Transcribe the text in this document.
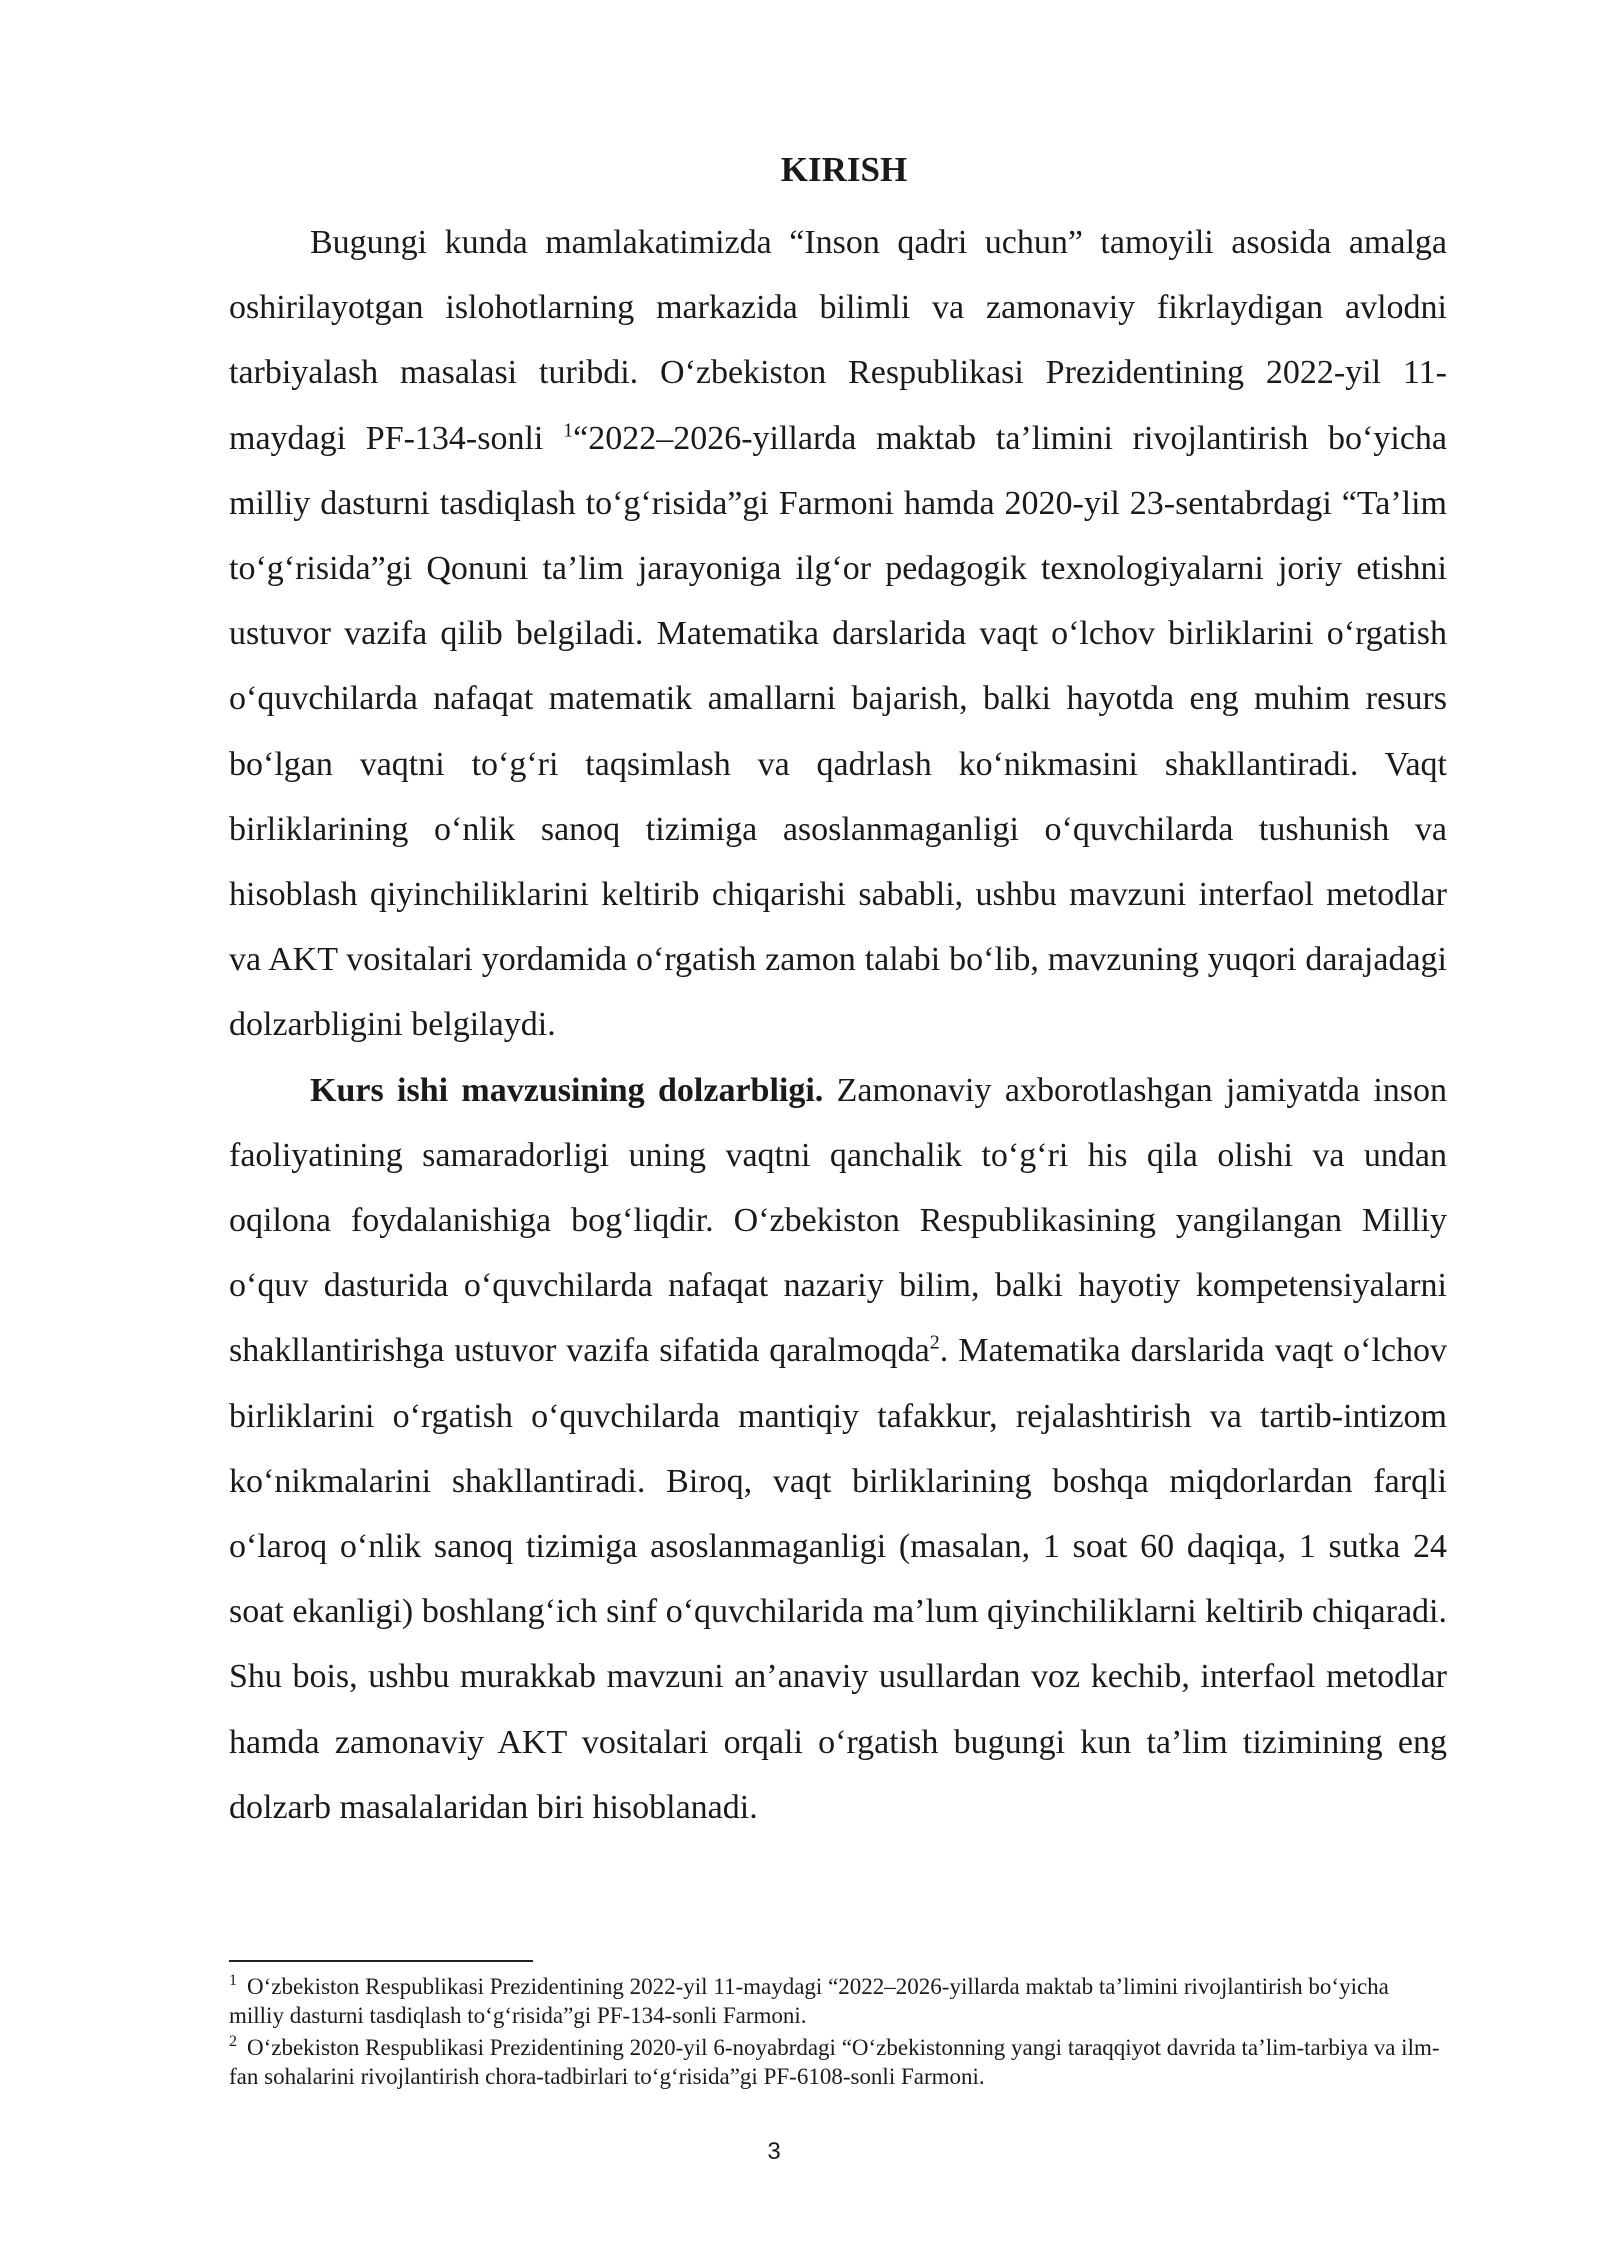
KIRISH

Bugungi kunda mamlakatimizda “Inson qadri uchun” tamoyili asosida amalga oshirilayotgan islohotlarning markazida bilimli va zamonaviy fikrlaydigan avlodni tarbiyalash masalasi turibdi. O‘zbekiston Respublikasi Prezidentining 2022-yil 11-maydagi PF-134-sonli $^1$“2022–2026-yillarda maktab ta’limini rivojlantirish bo‘yicha milliy dasturni tasdiqlash to‘g‘risida”gi Farmoni hamda 2020-yil 23-sentabrdagi “Ta’lim to‘g‘risida”gi Qonuni ta’lim jarayoniga ilg‘or pedagogik texnologiyalarni joriy etishni ustuvor vazifa qilib belgiladi. Matematika darslarida vaqt o‘lchov birliklarini o‘rgatish o‘quvchilarda nafaqat matematik amallarni bajarish, balki hayotda eng muhim resurs bo‘lgan vaqtni to‘g‘ri taqsimlash va qadrlash ko‘nikmasini shakllantiradi. Vaqt birliklarining o‘nlik sanoq tizimiga asoslanmaganligi o‘quvchilarda tushunish va hisoblash qiyinchiliklarini keltirib chiqarishi sababli, ushbu mavzuni interfaol metodlar va AKT vositalari yordamida o‘rgatish zamon talabi bo‘lib, mavzuning yuqori darajadagi dolzarbligini belgilaydi.

Kurs ishi mavzusining dolzarbligi. Zamonaviy axborotlashgan jamiyatda inson faoliyatining samaradorligi uning vaqtni qanchalik to‘g‘ri his qila olishi va undan oqilona foydalanishiga bog‘liqdir. O‘zbekiston Respublikasining yangilangan Milliy o‘quv dasturida o‘quvchilarda nafaqat nazariy bilim, balki hayotiy kompetensiyalarni shakllantirishga ustuvor vazifa sifatida qaralmoqda$^2$. Matematika darslarida vaqt o‘lchov birliklarini o‘rgatish o‘quvchilarda mantiqiy tafakkur, rejalashtirish va tartib-intizom ko‘nikmalarini shakllantiradi. Biroq, vaqt birliklarining boshqa miqdorlardan farqli o‘laroq o‘nlik sanoq tizimiga asoslanmaganligi (masalan, 1 soat 60 daqiqa, 1 sutka 24 soat ekanligi) boshlang‘ich sinf o‘quvchilarida ma’lum qiyinchiliklarni keltirib chiqaradi. Shu bois, ushbu murakkab mavzuni an’anaviy usullardan voz kechib, interfaol metodlar hamda zamonaviy AKT vositalari orqali o‘rgatish bugungi kun ta’lim tizimining eng dolzarb masalalaridan biri hisoblanadi.

$^1$ O‘zbekiston Respublikasi Prezidentining 2022-yil 11-maydagi “2022–2026-yillarda maktab ta’limini rivojlantirish bo‘yicha milliy dasturni tasdiqlash to‘g‘risida”gi PF-134-sonli Farmoni.

$^2$ O‘zbekiston Respublikasi Prezidentining 2020-yil 6-noyabrdagi “O‘zbekistonning yangi taraqqiyot davrida ta’lim-tarbiya va ilm-fan sohalarini rivojlantirish chora-tadbirlari to‘g‘risida”gi PF-6108-sonli Farmoni.

3
